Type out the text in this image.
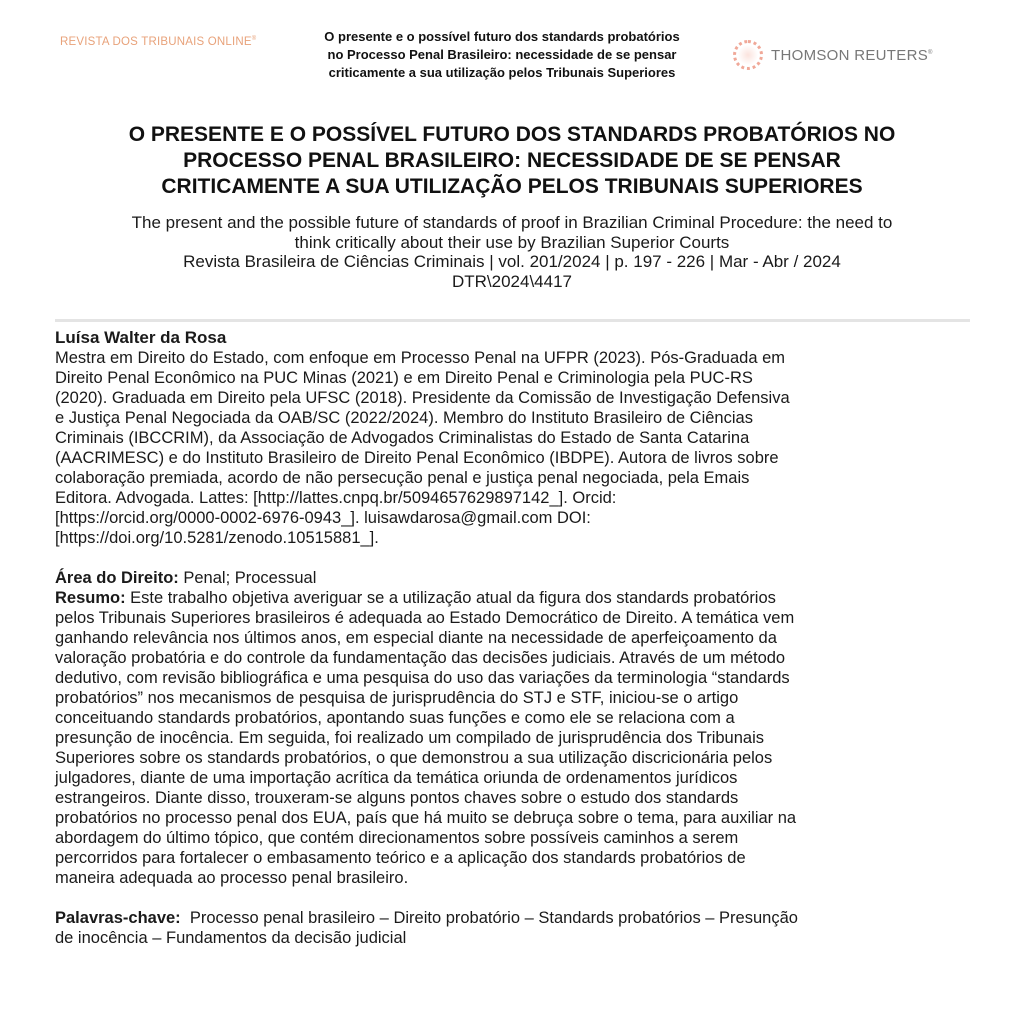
REVISTA DOS TRIBUNAIS ONLINE®	O presente e o possível futuro dos standards probatórios
no Processo Penal Brasileiro: necessidade de se pensar
criticamente a sua utilização pelos Tribunais Superiores
THOMSON REUTERS®
O PRESENTE E O POSSÍVEL FUTURO DOS STANDARDS PROBATÓRIOS NO
PROCESSO PENAL BRASILEIRO: NECESSIDADE DE SE PENSAR
CRITICAMENTE A SUA UTILIZAÇÃO PELOS TRIBUNAIS SUPERIORES
The present and the possible future of standards of proof in Brazilian Criminal Procedure: the need to
think critically about their use by Brazilian Superior Courts
Revista Brasileira de Ciências Criminais | vol. 201/2024 | p. 197 - 226 | Mar - Abr / 2024
DTR\2024\4417
Luísa Walter da Rosa
Mestra em Direito do Estado, com enfoque em Processo Penal na UFPR (2023). Pós-Graduada em
Direito Penal Econômico na PUC Minas (2021) e em Direito Penal e Criminologia pela PUC-RS
(2020). Graduada em Direito pela UFSC (2018). Presidente da Comissão de Investigação Defensiva
e Justiça Penal Negociada da OAB/SC (2022/2024). Membro do Instituto Brasileiro de Ciências
Criminais (IBCCRIM), da Associação de Advogados Criminalistas do Estado de Santa Catarina
(AACRIMESC) e do Instituto Brasileiro de Direito Penal Econômico (IBDPE). Autora de livros sobre
colaboração premiada, acordo de não persecução penal e justiça penal negociada, pela Emais
Editora. Advogada. Lattes: [http://lattes.cnpq.br/5094657629897142_]. Orcid:
[https://orcid.org/0000-0002-6976-0943_]. luisawdarosa@gmail.com DOI:
[https://doi.org/10.5281/zenodo.10515881_].
Área do Direito: Penal; Processual
Resumo: Este trabalho objetiva averiguar se a utilização atual da figura dos standards probatórios
pelos Tribunais Superiores brasileiros é adequada ao Estado Democrático de Direito. A temática vem
ganhando relevância nos últimos anos, em especial diante na necessidade de aperfeiçoamento da
valoração probatória e do controle da fundamentação das decisões judiciais. Através de um método
dedutivo, com revisão bibliográfica e uma pesquisa do uso das variações da terminologia “standards
probatórios” nos mecanismos de pesquisa de jurisprudência do STJ e STF, iniciou-se o artigo
conceituando standards probatórios, apontando suas funções e como ele se relaciona com a
presunção de inocência. Em seguida, foi realizado um compilado de jurisprudência dos Tribunais
Superiores sobre os standards probatórios, o que demonstrou a sua utilização discricionária pelos
julgadores, diante de uma importação acrítica da temática oriunda de ordenamentos jurídicos
estrangeiros. Diante disso, trouxeram-se alguns pontos chaves sobre o estudo dos standards
probatórios no processo penal dos EUA, país que há muito se debruça sobre o tema, para auxiliar na
abordagem do último tópico, que contém direcionamentos sobre possíveis caminhos a serem
percorridos para fortalecer o embasamento teórico e a aplicação dos standards probatórios de
maneira adequada ao processo penal brasileiro.
Palavras-chave:  Processo penal brasileiro – Direito probatório – Standards probatórios – Presunção
de inocência – Fundamentos da decisão judicial
